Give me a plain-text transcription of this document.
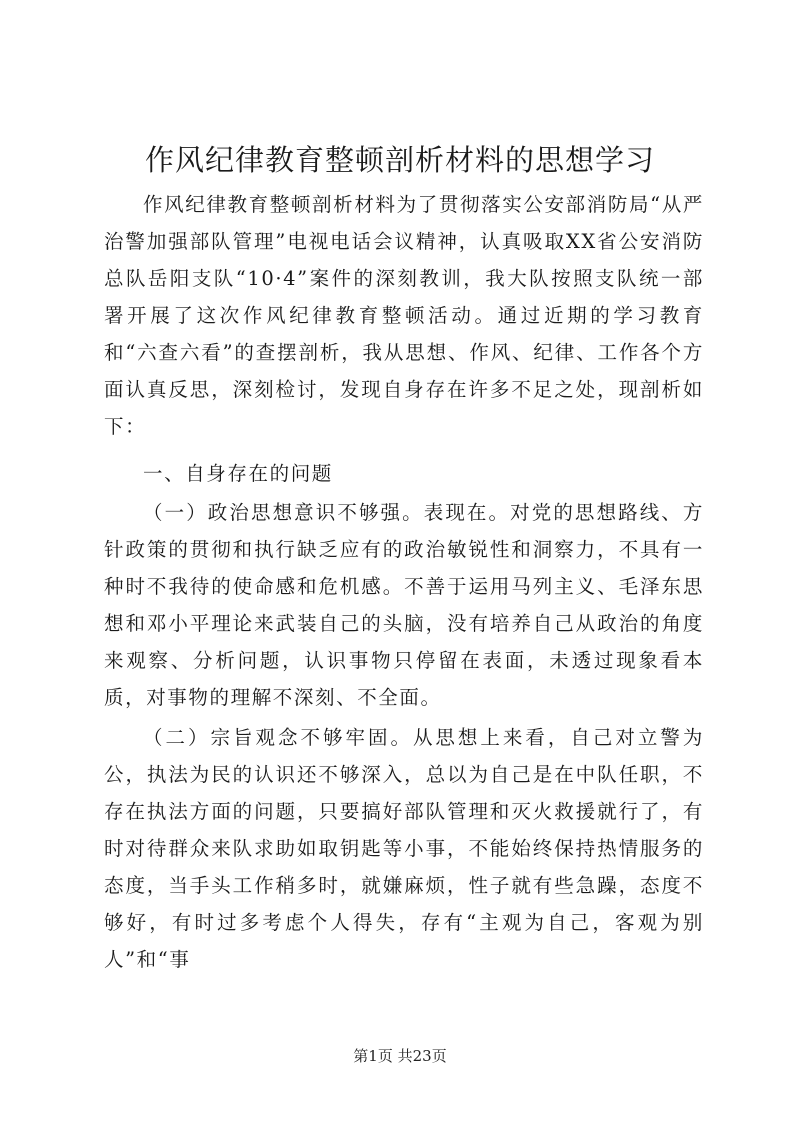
作风纪律教育整顿剖析材料的思想学习

作风纪律教育整顿剖析材料为了贯彻落实公安部消防局“从严治警加强部队管理”电视电话会议精神，认真吸取XX省公安消防总队岳阳支队“10·4”案件的深刻教训，我大队按照支队统一部署开展了这次作风纪律教育整顿活动。通过近期的学习教育和“六查六看”的查摆剖析，我从思想、作风、纪律、工作各个方面认真反思，深刻检讨，发现自身存在许多不足之处，现剖析如下：

一、自身存在的问题

（一）政治思想意识不够强。表现在。对党的思想路线、方针政策的贯彻和执行缺乏应有的政治敏锐性和洞察力，不具有一种时不我待的使命感和危机感。不善于运用马列主义、毛泽东思想和邓小平理论来武装自己的头脑，没有培养自己从政治的角度来观察、分析问题，认识事物只停留在表面，未透过现象看本质，对事物的理解不深刻、不全面。

（二）宗旨观念不够牢固。从思想上来看，自己对立警为公，执法为民的认识还不够深入，总以为自己是在中队任职，不存在执法方面的问题，只要搞好部队管理和灭火救援就行了，有时对待群众来队求助如取钥匙等小事，不能始终保持热情服务的态度，当手头工作稍多时，就嫌麻烦，性子就有些急躁，态度不够好，有时过多考虑个人得失，存有“主观为自己，客观为别人”和“事

第1页 共23页
